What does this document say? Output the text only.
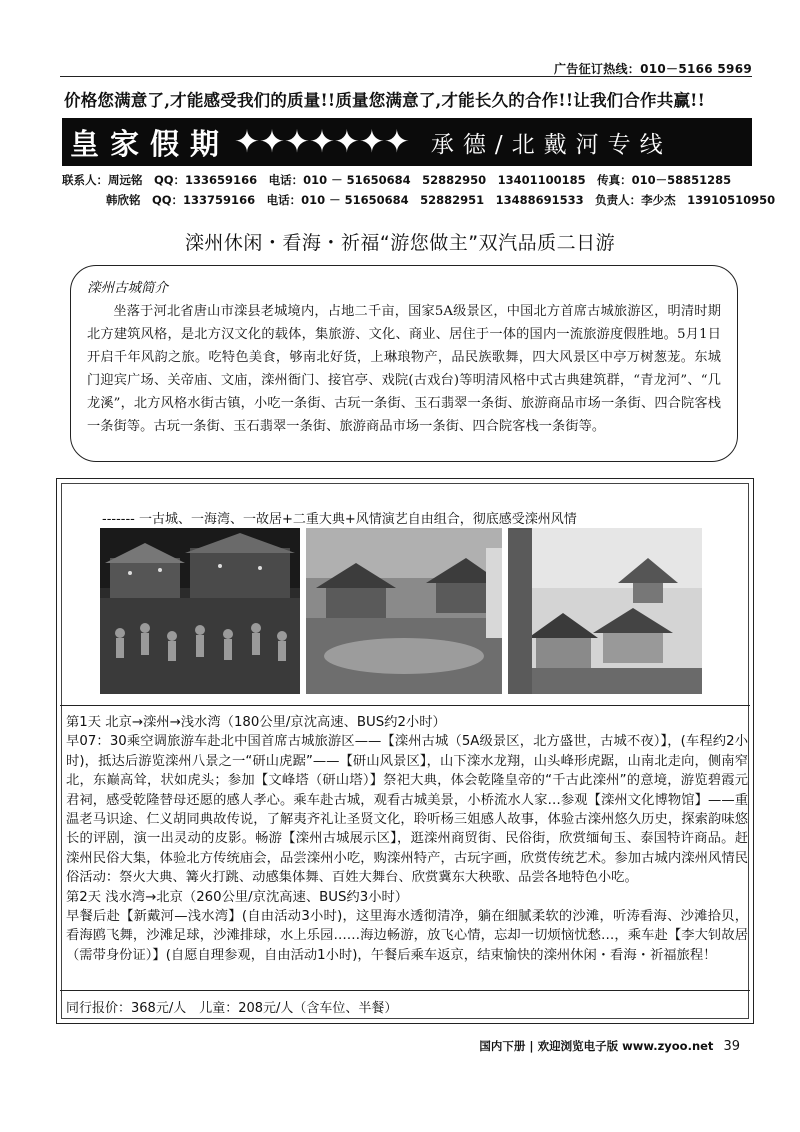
广告征订热线：010－5166 5969
价格您满意了,才能感受我们的质量!!质量您满意了,才能长久的合作!!让我们合作共赢!!
皇家假期 ✦✦✦✦✦✦✦ 承德/北戴河专线
联系人：周远铭　QQ：133659166　电话：010 － 51650684　52882950　13401100185　传真：010－58851285
韩欣铭　QQ：133759166　电话：010 － 51650684　52882951　13488691533　负责人：李少杰　13910510950
滦州休闲・看海・祈福“游您做主”双汽品质二日游
滦州古城简介
坐落于河北省唐山市滦县老城境内，占地二千亩，国家5A级景区，中国北方首席古城旅游区，明清时期北方建筑风格，是北方汉文化的载体，集旅游、文化、商业、居住于一体的国内一流旅游度假胜地。5月1日开启千年风韵之旅。吃特色美食，够南北好货，上琳琅物产，品民族歌舞，四大风景区中亭万树葱茏。东城门迎宾广场、关帝庙、文庙，滦州衙门、接官亭、戏院(古戏台)等明清风格中式古典建筑群，“青龙河”、“几龙溪”，北方风格水街古镇，小吃一条街、古玩一条街、玉石翡翠一条街、旅游商品市场一条街、四合院客栈一条街等。古玩一条街、玉石翡翠一条街、旅游商品市场一条街、四合院客栈一条街等。
------- 一古城、一海湾、一故居+二重大典+风情演艺自由组合，彻底感受滦州风情

第1天 北京→滦州→浅水湾（180公里/京沈高速、BUS约2小时）

早07：30乘空调旅游车赴北中国首席古城旅游区——【滦州古城（5A级景区，北方盛世，古城不夜）】，(车程约2小时)，抵达后游览滦州八景之一“研山虎踞”——【研山风景区】，山下滦水龙翔，山头峰形虎踞，山南北走向，侧南窄北，东巅高耸，状如虎头；参加【文峰塔（研山塔）】祭祀大典，体会乾隆皇帝的“千古此滦州”的意境，游览碧霞元君祠，感受乾隆替母还愿的感人孝心。乘车赴古城，观看古城美景，小桥流水人家…参观【滦州文化博物馆】——重温老马识途、仁义胡同典故传说，了解夷齐礼让圣贤文化，聆听杨三姐感人故事，体验古滦州悠久历史，探索韵味悠长的评剧，演一出灵动的皮影。畅游【滦州古城展示区】，逛滦州商贸街、民俗街，欣赏缅甸玉、泰国特许商品。赶滦州民俗大集，体验北方传统庙会，品尝滦州小吃，购滦州特产，古玩字画，欣赏传统艺术。参加古城内滦州风情民俗活动：祭火大典、篝火打跳、动感集体舞、百姓大舞台、欣赏冀东大秧歌、品尝各地特色小吃。

第2天 浅水湾→北京（260公里/京沈高速、BUS约3小时）

早餐后赴【新戴河—浅水湾】(自由活动3小时)，这里海水透彻清净，躺在细腻柔软的沙滩，听涛看海、沙滩拾贝，看海鸥飞舞，沙滩足球，沙滩排球，水上乐园……海边畅游，放飞心情，忘却一切烦恼忧愁…，乘车赴【李大钊故居（需带身份证）】(自愿自理参观，自由活动1小时)，午餐后乘车返京，结束愉快的滦州休闲・看海・祈福旅程！

同行报价：368元/人　儿童：208元/人（含车位、半餐）
国内下册 | 欢迎浏览电子版 www.zyoo.net 39
